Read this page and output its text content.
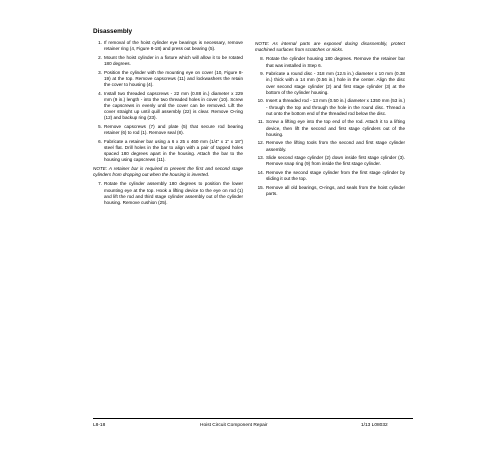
Disassembly
1. If removal of the hoist cylinder eye bearings is necessary, remove retainer ring (4, Figure 8-18) and press out bearing (5).
2. Mount the hoist cylinder in a fixture which will allow it to be rotated 180 degrees.
3. Position the cylinder with the mounting eye on cover (10, Figure 8-19) at the top. Remove capscrews (11) and lockwashers the retain the cover to housing (4).
4. Install two threaded capscrews - 22 mm (0.88 in.) diameter x 229 mm (9 in.) length - into the two threaded holes in cover (10). Screw the capscrews in evenly until the cover can be removed. Lift the cover straight up until quill assembly (22) is clear. Remove O-ring (12) and backup ring (23).
5. Remove capscrews (7) and plate (5) that secure rod bearing retainer (6) to rod (1). Remove seal (8).
6. Fabricate a retainer bar using a 6 x 25 x 460 mm (1/4" x 1" x 18") steel flat. Drill holes in the bar to align with a pair of tapped holes spaced 180 degrees apart in the housing. Attach the bar to the housing using capscrews (11).
NOTE: A retainer bar is required to prevent the first and second stage cylinders from dropping out when the housing is inverted.
7. Rotate the cylinder assembly 180 degrees to position the lower mounting eye at the top. Hook a lifting device to the eye on rod (1) and lift the rod and third stage cylinder assembly out of the cylinder housing. Remove cushion (25).
NOTE: As internal parts are exposed during disassembly, protect machined surfaces from scratches or nicks.
8. Rotate the cylinder housing 180 degrees. Remove the retainer bar that was installed in Step 6.
9. Fabricate a round disc - 318 mm (12.5 in.) diameter x 10 mm (0.38 in.) thick with a 14 mm (0.56 in.) hole in the center. Align the disc over second stage cylinder (2) and first stage cylinder (3) at the bottom of the cylinder housing.
10. Insert a threaded rod - 13 mm (0.50 in.) diameter x 1350 mm (53 in.) - through the top and through the hole in the round disc. Thread a nut onto the bottom end of the threaded rod below the disc.
11. Screw a lifting eye into the top end of the rod. Attach it to a lifting device, then lift the second and first stage cylinders out of the housing.
12. Remove the lifting tools from the second and first stage cylinder assembly.
13. Slide second stage cylinder (2) down inside first stage cylinder (3). Remove snap ring (9) from inside the first stage cylinder.
14. Remove the second stage cylinder from the first stage cylinder by sliding it out the top.
15. Remove all old bearings, O-rings, and seals from the hoist cylinder parts.
L8-18	Hoist Circuit Component Repair	1/13 L08032
